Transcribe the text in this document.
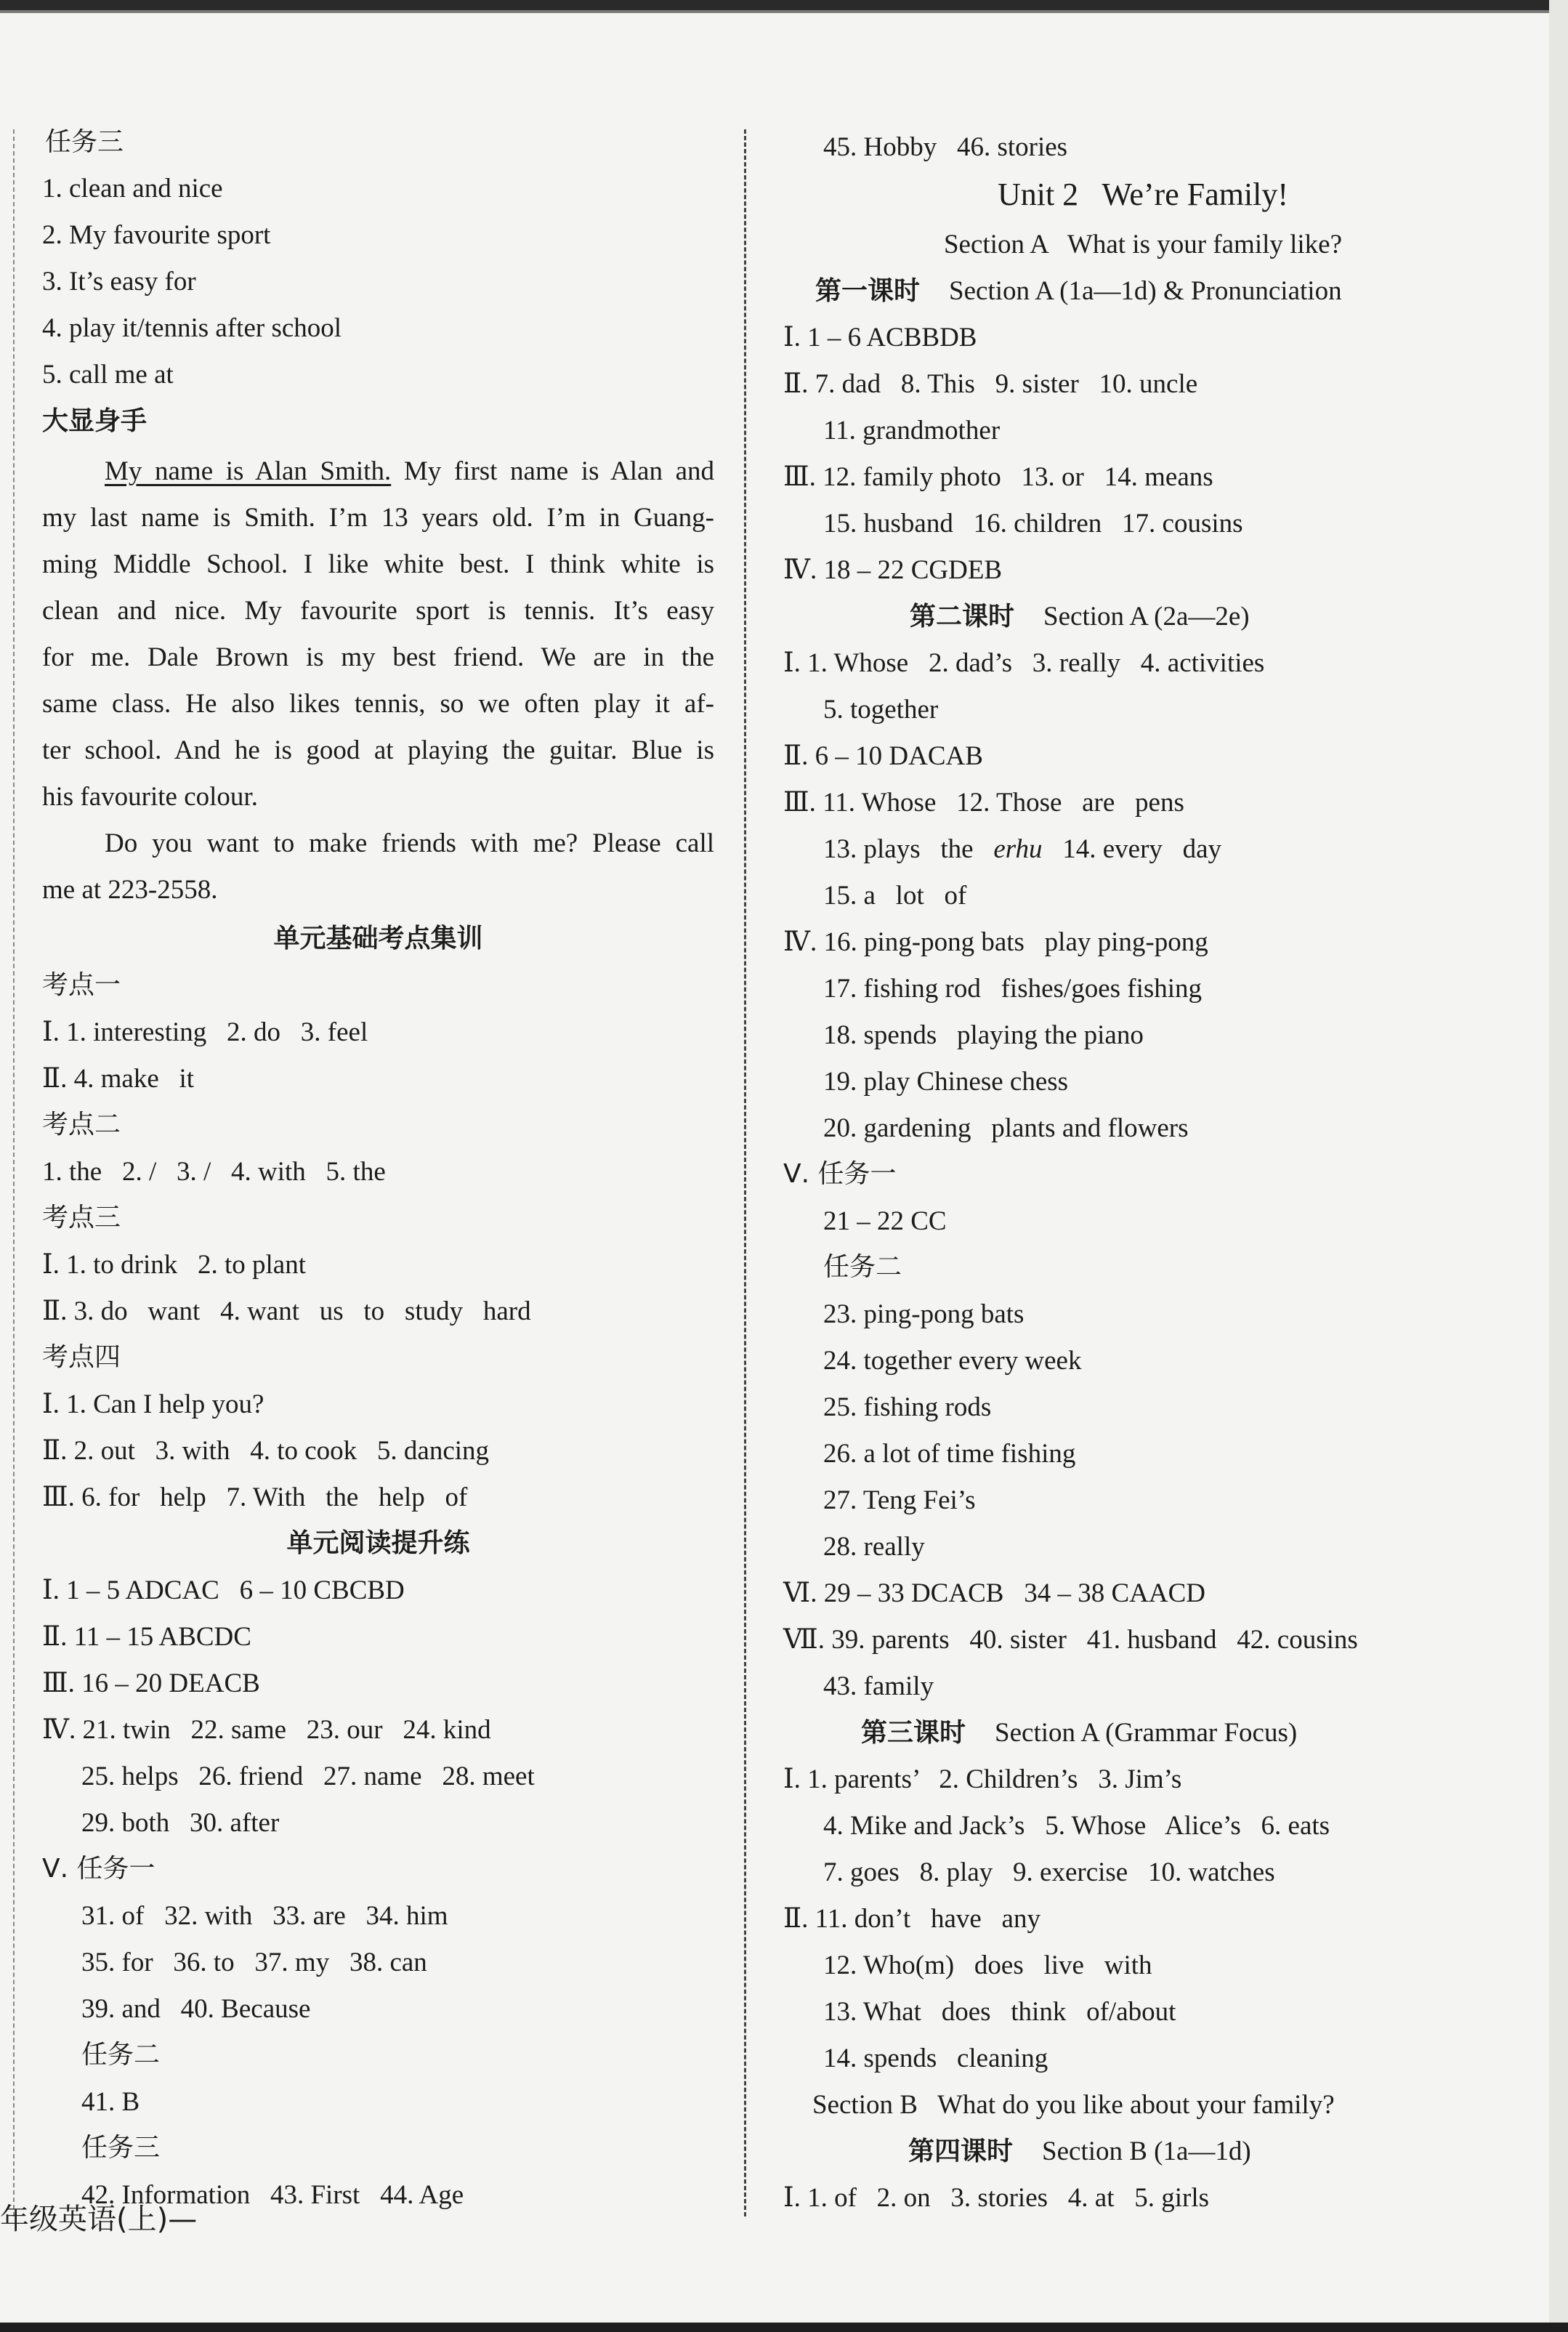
任务三
1. clean and nice
2. My favourite sport
3. It’s easy for
4. play it/tennis after school
5. call me at
大显身手
My name is Alan Smith. My first name is Alan and
my last name is Smith. I’m 13 years old. I’m in Guang-
ming Middle School. I like white best. I think white is
clean and nice. My favourite sport is tennis. It’s easy
for me. Dale Brown is my best friend. We are in the
same class. He also likes tennis, so we often play it af-
ter school. And he is good at playing the guitar. Blue is
his favourite colour.
Do you want to make friends with me? Please call
me at 223-2558.
单元基础考点集训
考点一
Ⅰ. 1. interesting   2. do   3. feel
Ⅱ. 4. make   it
考点二
1. the   2. /   3. /   4. with   5. the
考点三
Ⅰ. 1. to drink   2. to plant
Ⅱ. 3. do   want   4. want   us   to   study   hard
考点四
Ⅰ. 1. Can I help you?
Ⅱ. 2. out   3. with   4. to cook   5. dancing
Ⅲ. 6. for   help   7. With   the   help   of
单元阅读提升练
Ⅰ. 1 – 5 ADCAC   6 – 10 CBCBD
Ⅱ. 11 – 15 ABCDC
Ⅲ. 16 – 20 DEACB
Ⅳ. 21. twin   22. same   23. our   24. kind
25. helps   26. friend   27. name   28. meet
29. both   30. after
Ⅴ. 任务一
31. of   32. with   33. are   34. him
35. for   36. to   37. my   38. can
39. and   40. Because
任务二
41. B
任务三
42. Information   43. First   44. Age
45. Hobby   46. stories
Unit 2   We’re Family!
Section A   What is your family like?
第一课时 Section A (1a—1d) & Pronunciation
Ⅰ. 1 – 6 ACBBDB
Ⅱ. 7. dad   8. This   9. sister   10. uncle
11. grandmother
Ⅲ. 12. family photo   13. or   14. means
15. husband   16. children   17. cousins
Ⅳ. 18 – 22 CGDEB
第二课时 Section A (2a—2e)
Ⅰ. 1. Whose   2. dad’s   3. really   4. activities
5. together
Ⅱ. 6 – 10 DACAB
Ⅲ. 11. Whose   12. Those   are   pens
13. plays   the erhu 14. every   day
15. a   lot   of
Ⅳ. 16. ping-pong bats   play ping-pong
17. fishing rod   fishes/goes fishing
18. spends   playing the piano
19. play Chinese chess
20. gardening   plants and flowers
Ⅴ. 任务一
21 – 22 CC
任务二
23. ping-pong bats
24. together every week
25. fishing rods
26. a lot of time fishing
27. Teng Fei’s
28. really
Ⅵ. 29 – 33 DCACB   34 – 38 CAACD
Ⅶ. 39. parents   40. sister   41. husband   42. cousins
43. family
第三课时 Section A (Grammar Focus)
Ⅰ. 1. parents’   2. Children’s   3. Jim’s
4. Mike and Jack’s   5. Whose   Alice’s   6. eats
7. goes   8. play   9. exercise   10. watches
Ⅱ. 11. don’t   have   any
12. Who(m)   does   live   with
13. What   does   think   of/about
14. spends   cleaning
Section B   What do you like about your family?
第四课时 Section B (1a—1d)
Ⅰ. 1. of   2. on   3. stories   4. at   5. girls
年级英语(上)—
